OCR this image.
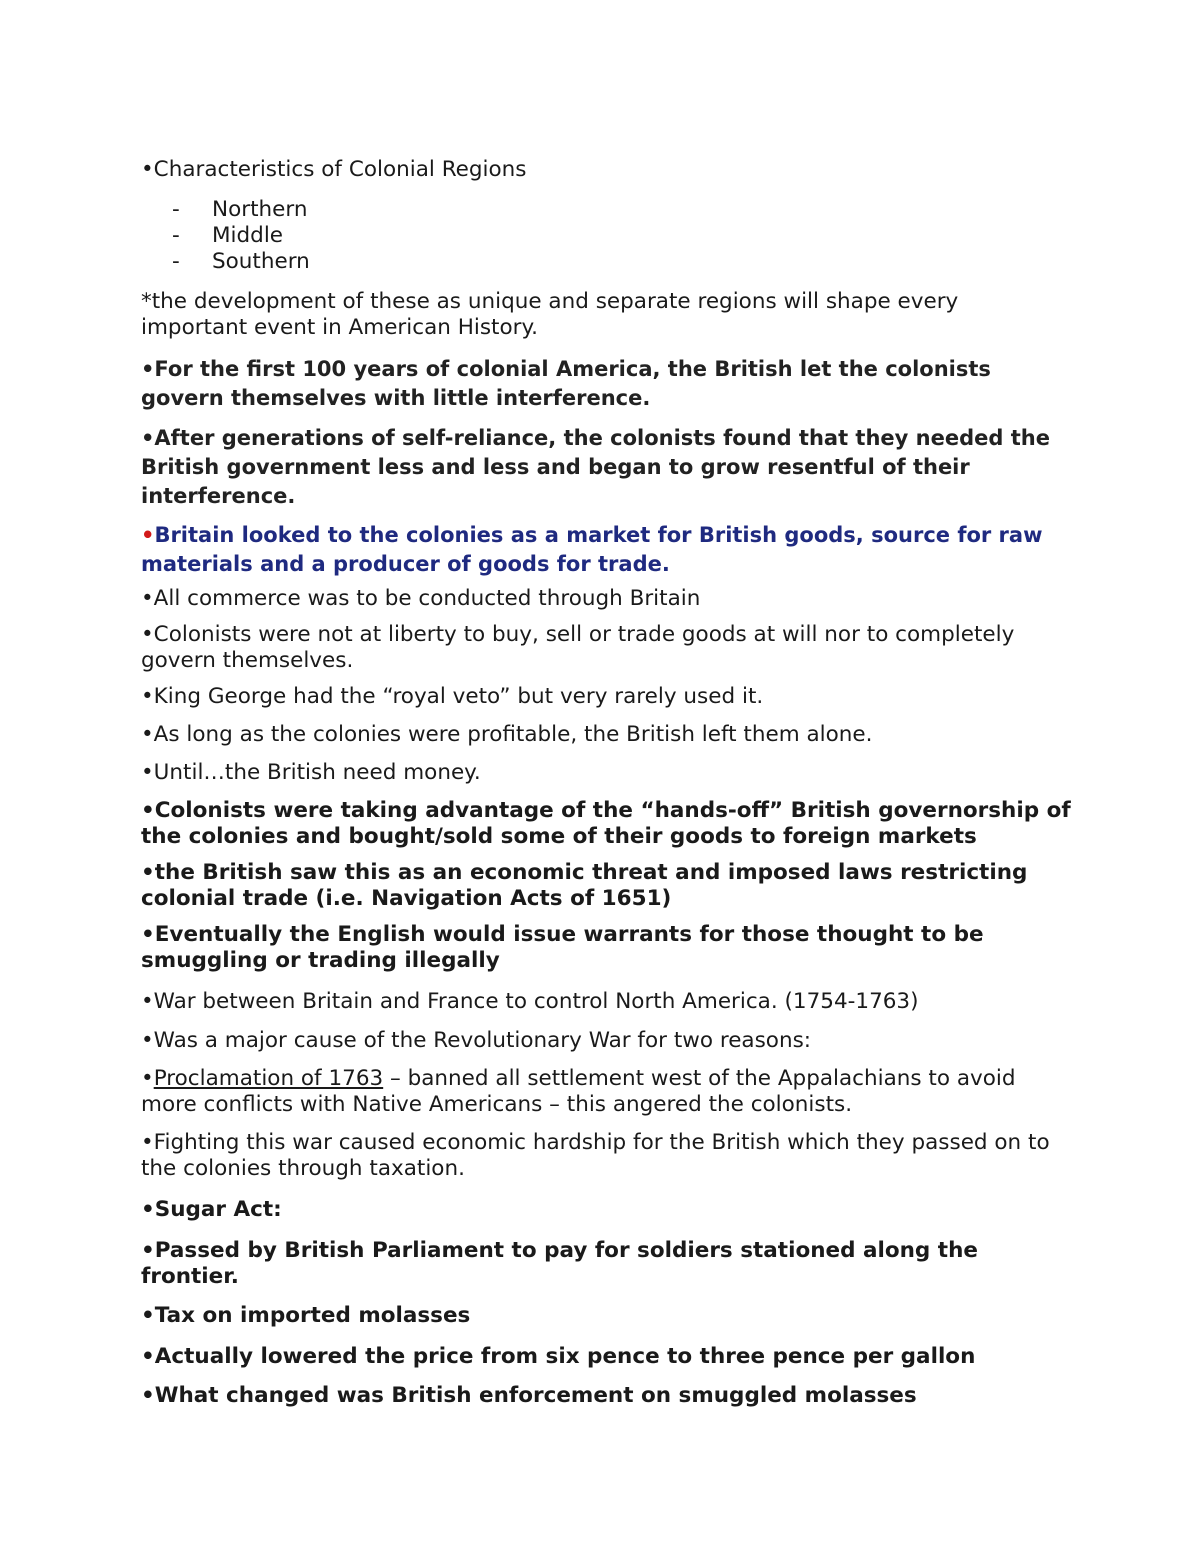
•Characteristics of Colonial Regions

- Northern

- Middle

- Southern

*the development of these as unique and separate regions will shape every important event in American History.

•For the first 100 years of colonial America, the British let the colonists govern themselves with little interference.

•After generations of self-reliance, the colonists found that they needed the British government less and less and began to grow resentful of their interference.

•Britain looked to the colonies as a market for British goods, source for raw materials and a producer of goods for trade.

•All commerce was to be conducted through Britain

•Colonists were not at liberty to buy, sell or trade goods at will nor to completely govern themselves.

•King George had the “royal veto” but very rarely used it.

•As long as the colonies were profitable, the British left them alone.

•Until…the British need money.

•Colonists were taking advantage of the “hands-off” British governorship of the colonies and bought/sold some of their goods to foreign markets

•the British saw this as an economic threat and imposed laws restricting colonial trade (i.e. Navigation Acts of 1651)

•Eventually the English would issue warrants for those thought to be smuggling or trading illegally

•War between Britain and France to control North America. (1754-1763)

•Was a major cause of the Revolutionary War for two reasons:

•Proclamation of 1763 – banned all settlement west of the Appalachians to avoid more conflicts with Native Americans – this angered the colonists.

•Fighting this war caused economic hardship for the British which they passed on to the colonies through taxation.

•Sugar Act:

•Passed by British Parliament to pay for soldiers stationed along the frontier.

•Tax on imported molasses

•Actually lowered the price from six pence to three pence per gallon

•What changed was British enforcement on smuggled molasses
